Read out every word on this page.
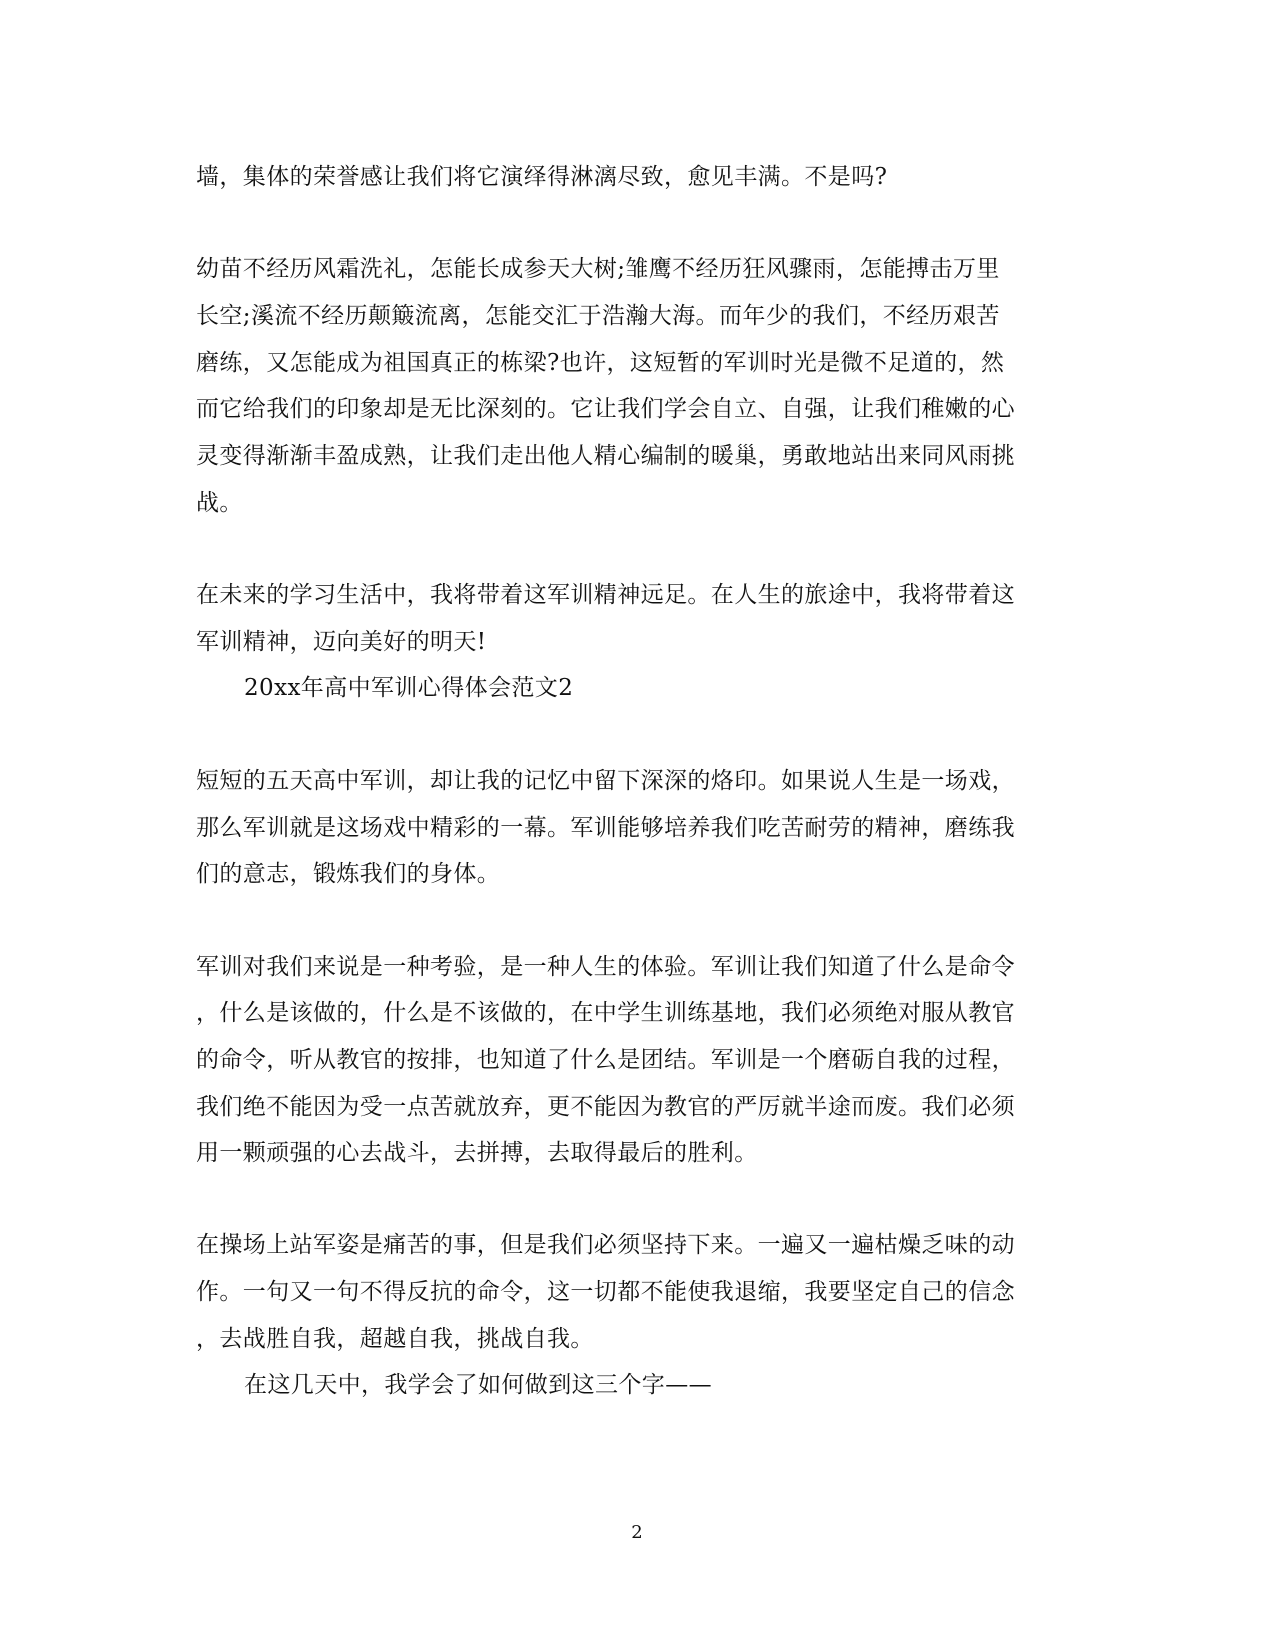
墙，集体的荣誉感让我们将它演绎得淋漓尽致，愈见丰满。不是吗?
幼苗不经历风霜洗礼，怎能长成参天大树;雏鹰不经历狂风骤雨，怎能搏击万里
长空;溪流不经历颠簸流离，怎能交汇于浩瀚大海。而年少的我们，不经历艰苦
磨练，又怎能成为祖国真正的栋梁?也许，这短暂的军训时光是微不足道的，然
而它给我们的印象却是无比深刻的。它让我们学会自立、自强，让我们稚嫩的心
灵变得渐渐丰盈成熟，让我们走出他人精心编制的暖巢，勇敢地站出来同风雨挑
战。
在未来的学习生活中，我将带着这军训精神远足。在人生的旅途中，我将带着这
军训精神，迈向美好的明天!
20xx年高中军训心得体会范文2
短短的五天高中军训，却让我的记忆中留下深深的烙印。如果说人生是一场戏，
那么军训就是这场戏中精彩的一幕。军训能够培养我们吃苦耐劳的精神，磨练我
们的意志，锻炼我们的身体。
军训对我们来说是一种考验，是一种人生的体验。军训让我们知道了什么是命令
，什么是该做的，什么是不该做的，在中学生训练基地，我们必须绝对服从教官
的命令，听从教官的按排，也知道了什么是团结。军训是一个磨砺自我的过程，
我们绝不能因为受一点苦就放弃，更不能因为教官的严厉就半途而废。我们必须
用一颗顽强的心去战斗，去拼搏，去取得最后的胜利。
在操场上站军姿是痛苦的事，但是我们必须坚持下来。一遍又一遍枯燥乏味的动
作。一句又一句不得反抗的命令，这一切都不能使我退缩，我要坚定自己的信念
，去战胜自我，超越自我，挑战自我。
在这几天中，我学会了如何做到这三个字——
2
